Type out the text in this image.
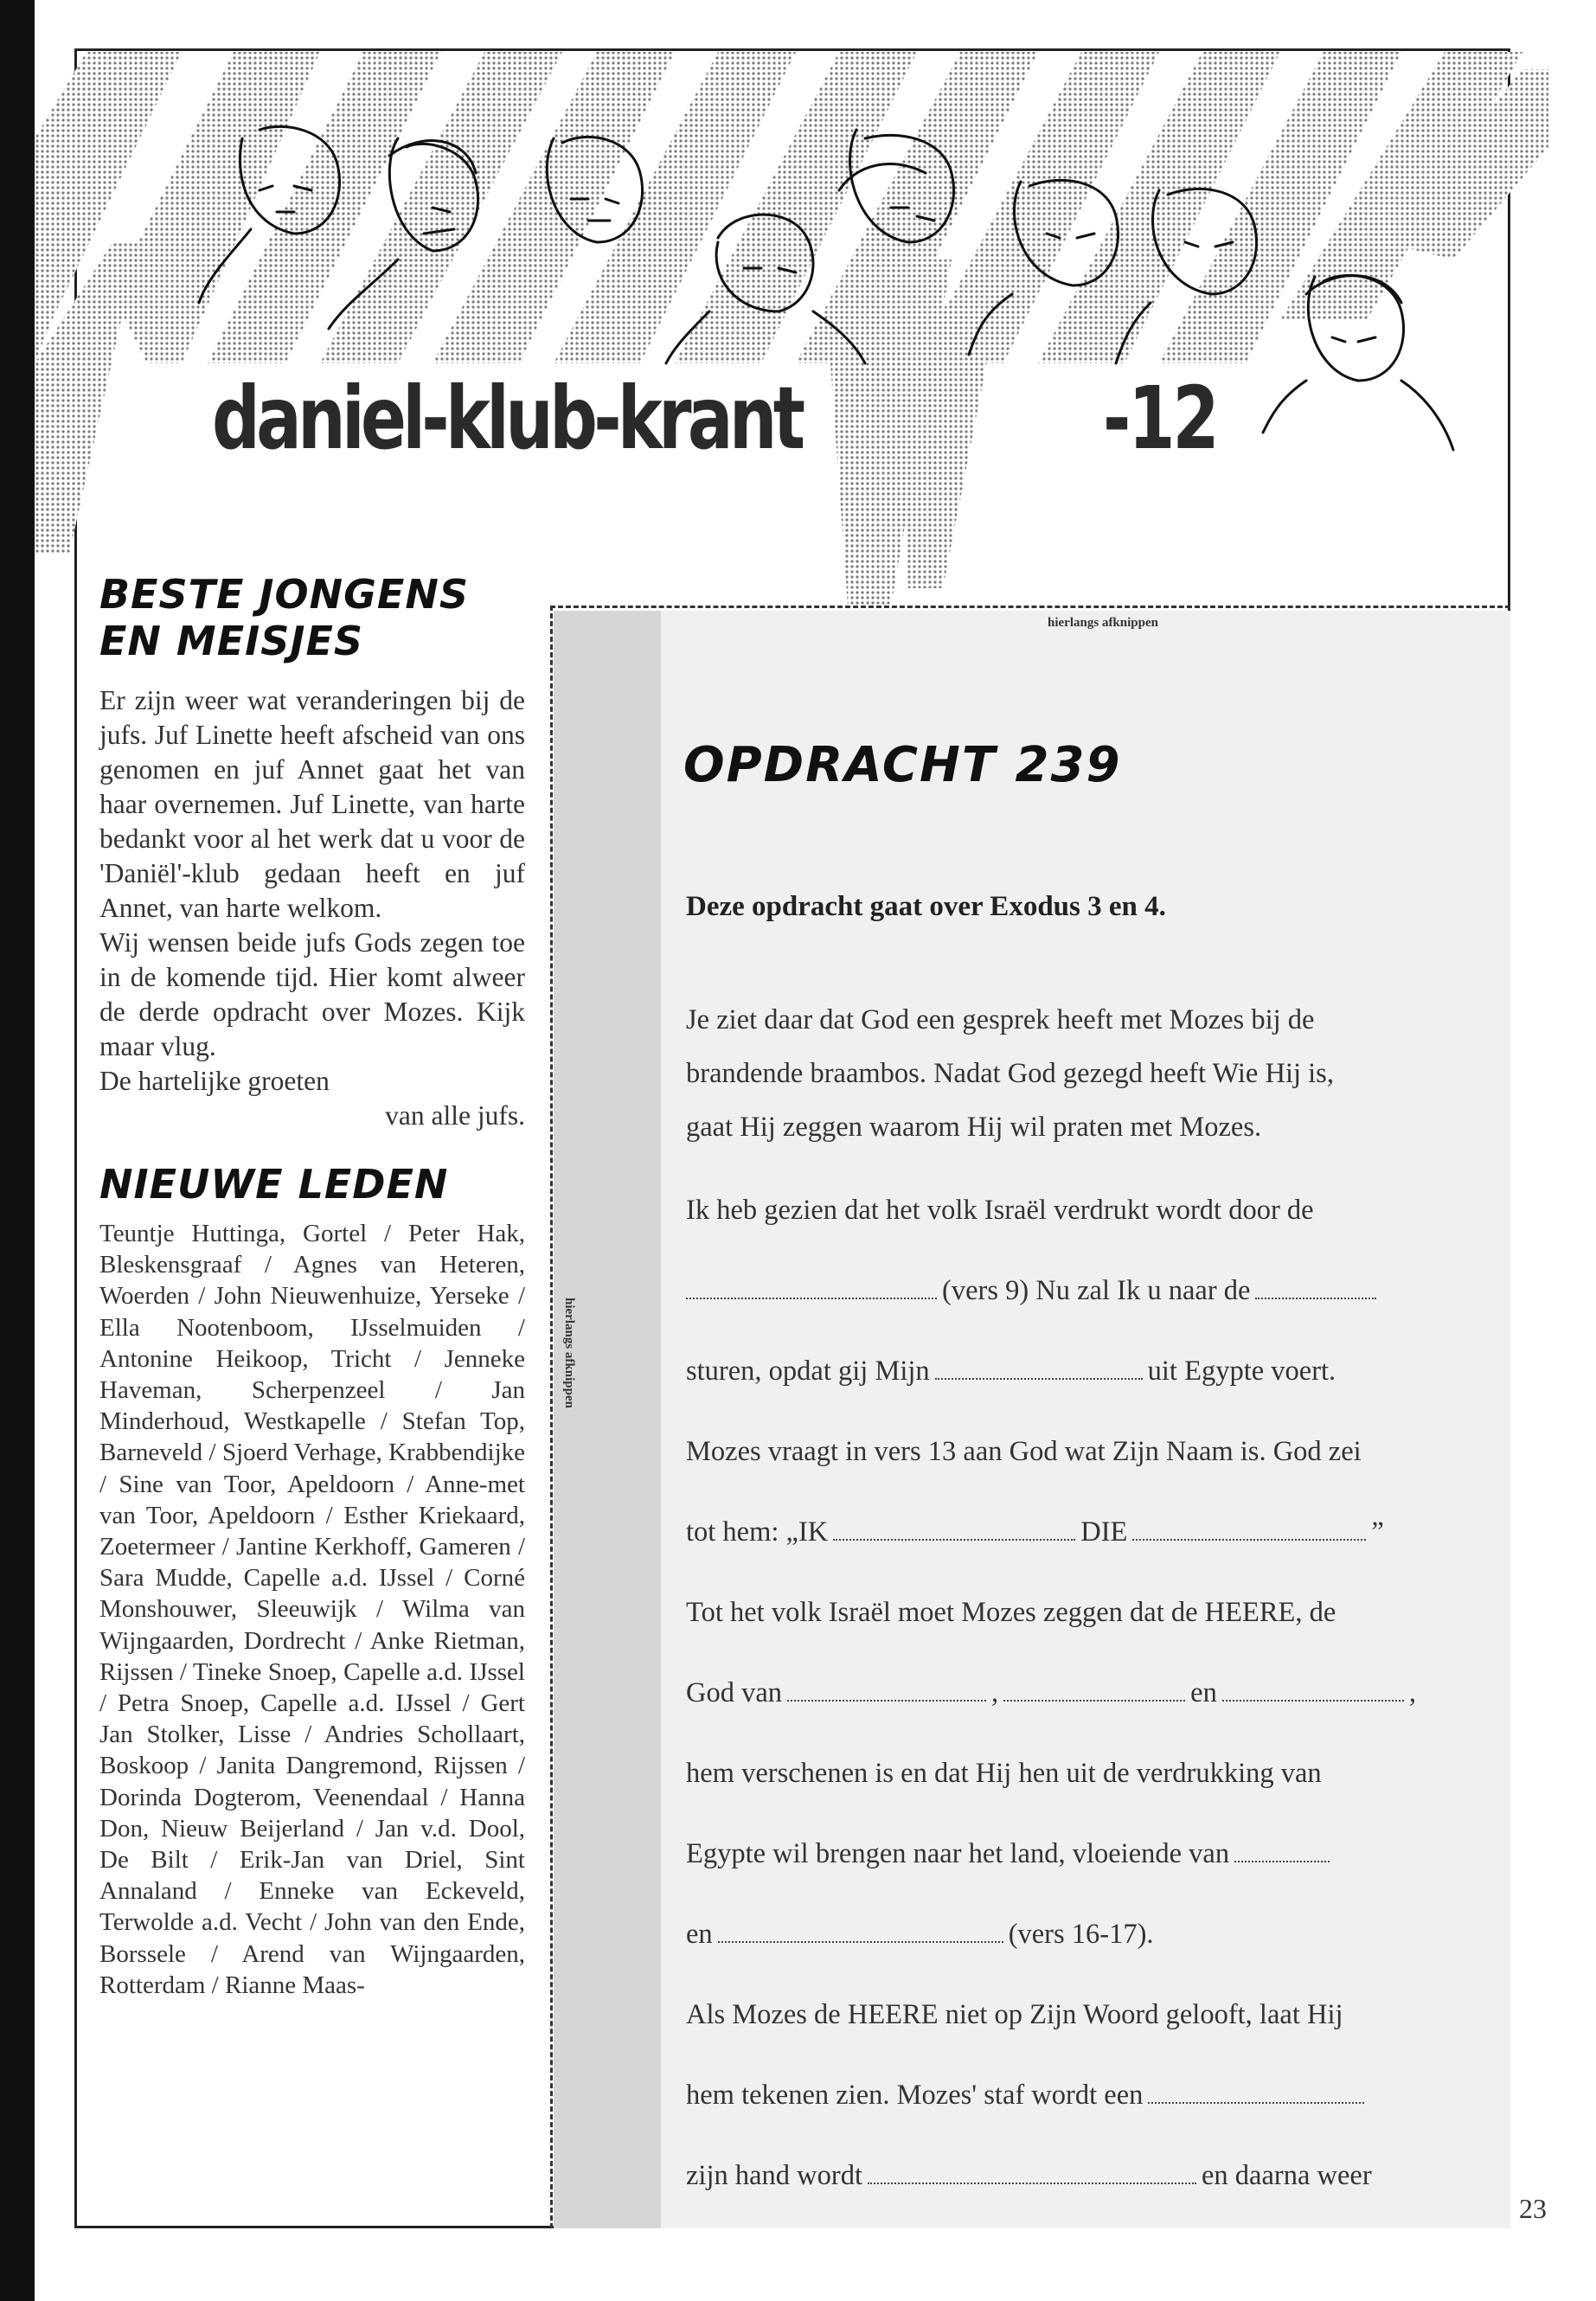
daniel-klub-krant	-12
BESTE JONGENS
EN MEISJES

Er zijn weer wat veranderingen bij de jufs. Juf Linette heeft afscheid van ons genomen en juf Annet gaat het van haar overnemen. Juf Linette, van harte bedankt voor al het werk dat u voor de 'Daniël'-klub gedaan heeft en juf Annet, van harte welkom.

Wij wensen beide jufs Gods zegen toe in de komende tijd. Hier komt alweer de derde opdracht over Mozes. Kijk maar vlug.

De hartelijke groeten

van alle jufs.

NIEUWE LEDEN
Teuntje Huttinga, Gortel / Peter Hak, Bleskensgraaf / Agnes van Heteren, Woerden / John Nieuwenhuize, Yerseke / Ella Nootenboom, IJsselmuiden / Antonine Heikoop, Tricht / Jenneke Haveman, Scherpenzeel / Jan Minderhoud, Westkapelle / Stefan Top, Barneveld / Sjoerd Verhage, Krabbendijke / Sine van Toor, Apeldoorn / Anne-met van Toor, Apeldoorn / Esther Kriekaard, Zoetermeer / Jantine Kerkhoff, Gameren / Sara Mudde, Capelle a.d. IJssel / Corné Monshouwer, Sleeuwijk / Wilma van Wijngaarden, Dordrecht / Anke Rietman, Rijssen / Tineke Snoep, Capelle a.d. IJssel / Petra Snoep, Capelle a.d. IJssel / Gert Jan Stolker, Lisse / Andries Schollaart, Boskoop / Janita Dangremond, Rijssen / Dorinda Dogterom, Veenendaal / Hanna Don, Nieuw Beijerland / Jan v.d. Dool, De Bilt / Erik-Jan van Driel, Sint Annaland / Enneke van Eckeveld, Terwolde a.d. Vecht / John van den Ende, Borssele / Arend van Wijngaarden, Rotterdam / Rianne Maas-
hierlangs afknippen
hierlangs afknippen
OPDRACHT 239
Deze opdracht gaat over Exodus 3 en 4.
Je ziet daar dat God een gesprek heeft met Mozes bij de
brandende braambos. Nadat God gezegd heeft Wie Hij is,
gaat Hij zeggen waarom Hij wil praten met Mozes.
Ik heb gezien dat het volk Israël verdrukt wordt door de
(vers 9) Nu zal Ik u naar de
sturen, opdat gij Mijn	uit Egypte voert.
Mozes vraagt in vers 13 aan God wat Zijn Naam is. God zei
tot hem: „IK	DIE	”
Tot het volk Israël moet Mozes zeggen dat de HEERE, de
God van	,	en	,
hem verschenen is en dat Hij hen uit de verdrukking van
Egypte wil brengen naar het land, vloeiende van
en	(vers 16-17).
Als Mozes de HEERE niet op Zijn Woord gelooft, laat Hij
hem tekenen zien. Mozes' staf wordt een
zijn hand wordt	en daarna weer
23
